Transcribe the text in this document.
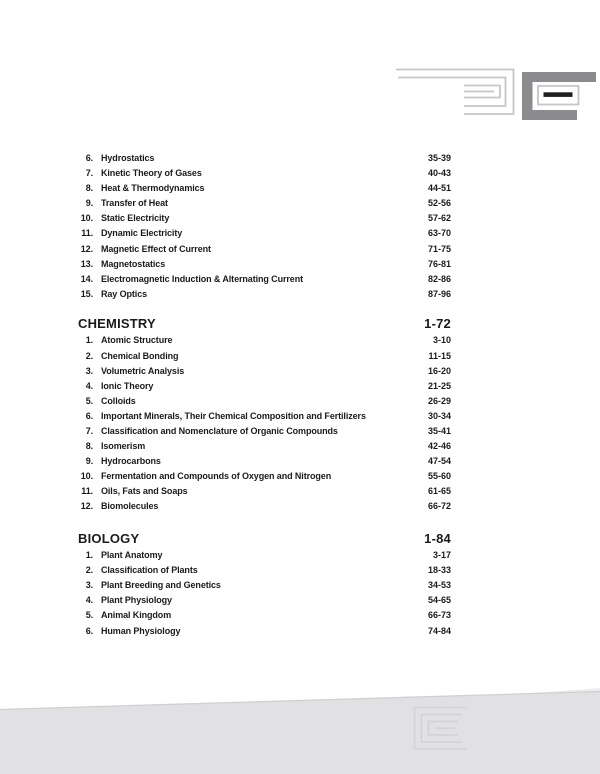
6. Hydrostatics	35-39
7. Kinetic Theory of Gases	40-43
8. Heat & Thermodynamics	44-51
9. Transfer of Heat	52-56
10. Static Electricity	57-62
11. Dynamic Electricity	63-70
12. Magnetic Effect of Current	71-75
13. Magnetostatics	76-81
14. Electromagnetic Induction & Alternating Current	82-86
15. Ray Optics	87-96
CHEMISTRY	1-72
1. Atomic Structure	3-10
2. Chemical Bonding	11-15
3. Volumetric Analysis	16-20
4. Ionic Theory	21-25
5. Colloids	26-29
6. Important Minerals, Their Chemical Composition and Fertilizers	30-34
7. Classification and Nomenclature of Organic Compounds	35-41
8. Isomerism	42-46
9. Hydrocarbons	47-54
10. Fermentation and Compounds of Oxygen and Nitrogen	55-60
11. Oils, Fats and Soaps	61-65
12. Biomolecules	66-72
BIOLOGY	1-84
1. Plant Anatomy	3-17
2. Classification of Plants	18-33
3. Plant Breeding and Genetics	34-53
4. Plant Physiology	54-65
5. Animal Kingdom	66-73
6. Human Physiology	74-84
